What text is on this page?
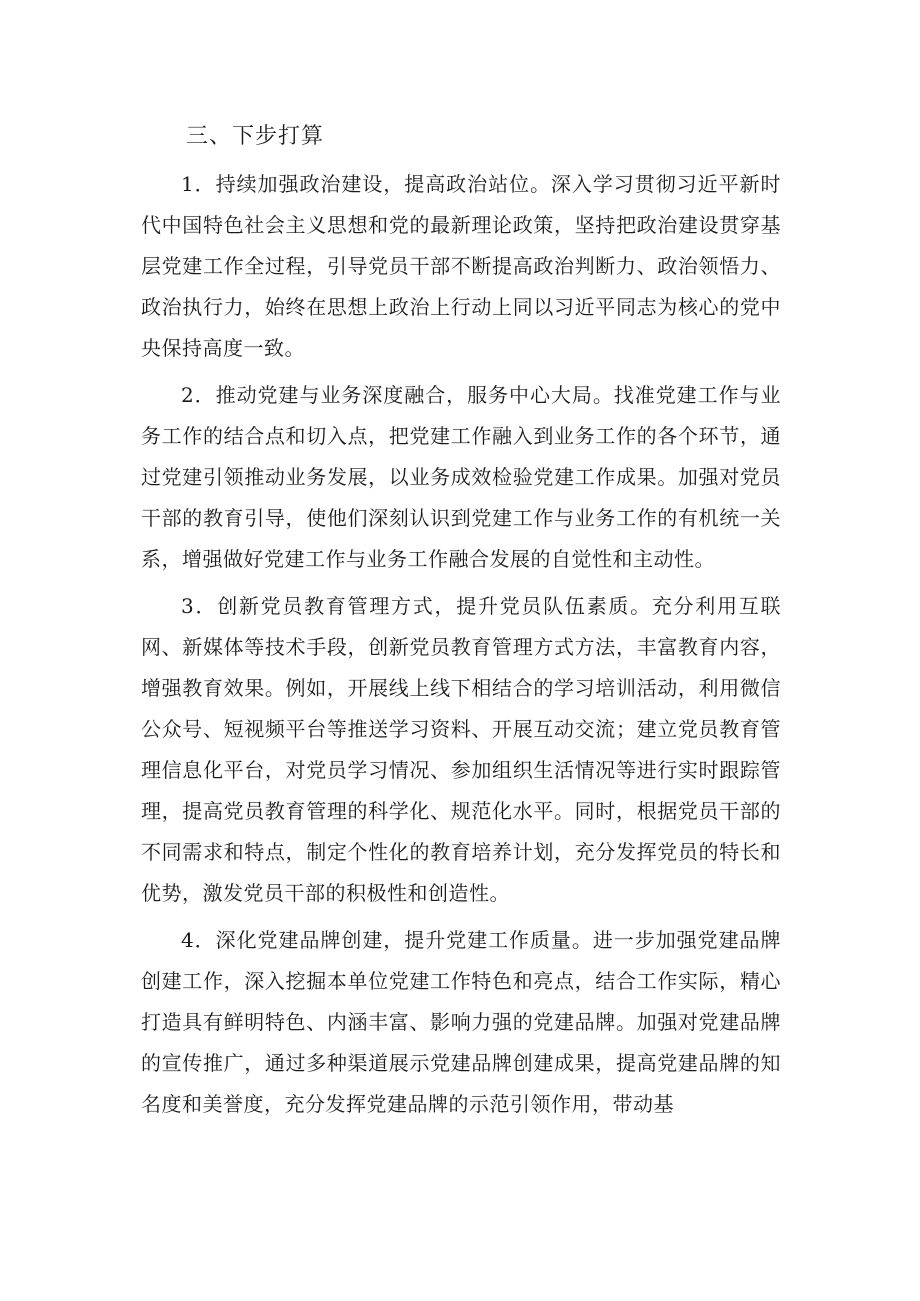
三、下步打算

1．持续加强政治建设，提高政治站位。深入学习贯彻习近平新时代中国特色社会主义思想和党的最新理论政策，坚持把政治建设贯穿基层党建工作全过程，引导党员干部不断提高政治判断力、政治领悟力、政治执行力，始终在思想上政治上行动上同以习近平同志为核心的党中央保持高度一致。

2．推动党建与业务深度融合，服务中心大局。找准党建工作与业务工作的结合点和切入点，把党建工作融入到业务工作的各个环节，通过党建引领推动业务发展，以业务成效检验党建工作成果。加强对党员干部的教育引导，使他们深刻认识到党建工作与业务工作的有机统一关系，增强做好党建工作与业务工作融合发展的自觉性和主动性。

3．创新党员教育管理方式，提升党员队伍素质。充分利用互联网、新媒体等技术手段，创新党员教育管理方式方法，丰富教育内容，增强教育效果。例如，开展线上线下相结合的学习培训活动，利用微信公众号、短视频平台等推送学习资料、开展互动交流；建立党员教育管理信息化平台，对党员学习情况、参加组织生活情况等进行实时跟踪管理，提高党员教育管理的科学化、规范化水平。同时，根据党员干部的不同需求和特点，制定个性化的教育培养计划，充分发挥党员的特长和优势，激发党员干部的积极性和创造性。

4．深化党建品牌创建，提升党建工作质量。进一步加强党建品牌创建工作，深入挖掘本单位党建工作特色和亮点，结合工作实际，精心打造具有鲜明特色、内涵丰富、影响力强的党建品牌。加强对党建品牌的宣传推广，通过多种渠道展示党建品牌创建成果，提高党建品牌的知名度和美誉度，充分发挥党建品牌的示范引领作用，带动基
